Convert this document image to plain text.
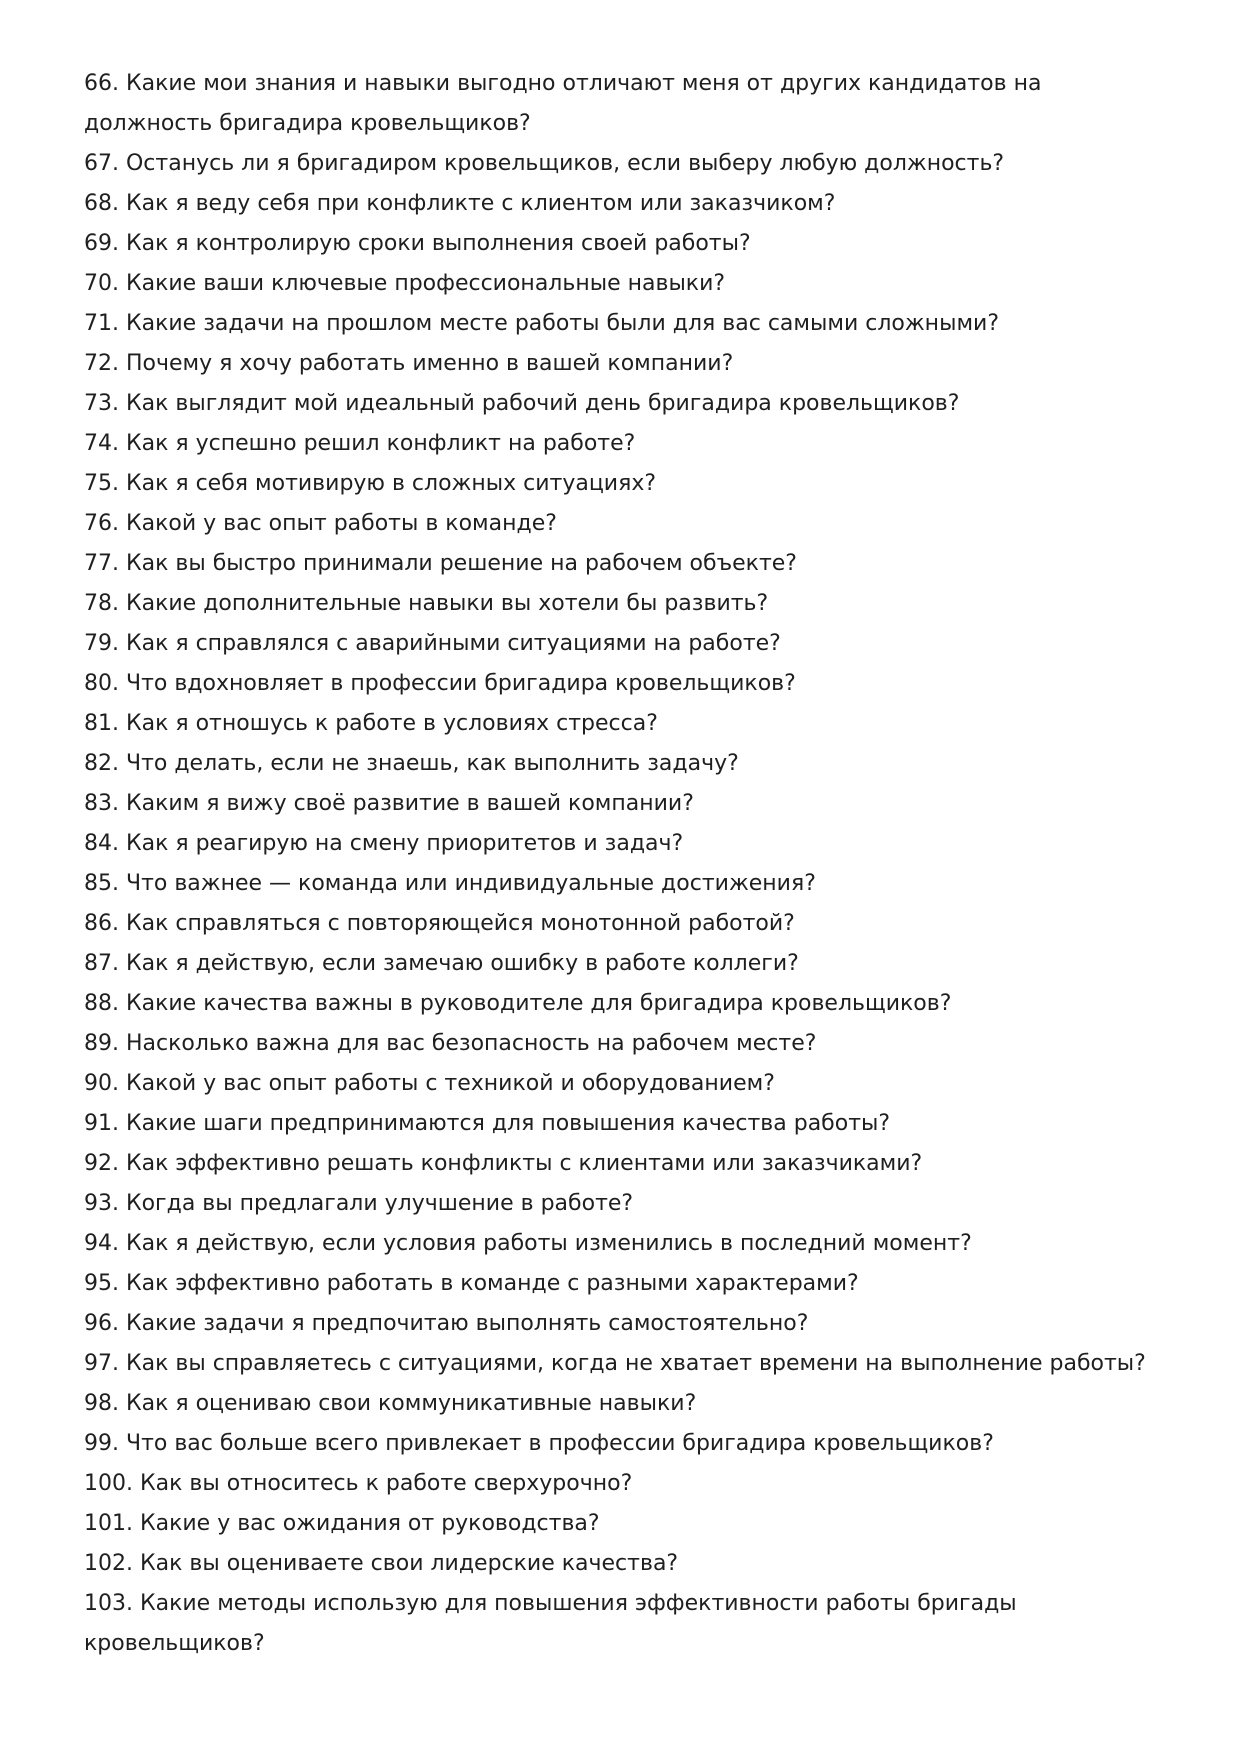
66. Какие мои знания и навыки выгодно отличают меня от других кандидатов на должность бригадира кровельщиков?

67. Останусь ли я бригадиром кровельщиков, если выберу любую должность?

68. Как я веду себя при конфликте с клиентом или заказчиком?

69. Как я контролирую сроки выполнения своей работы?

70. Какие ваши ключевые профессиональные навыки?

71. Какие задачи на прошлом месте работы были для вас самыми сложными?

72. Почему я хочу работать именно в вашей компании?

73. Как выглядит мой идеальный рабочий день бригадира кровельщиков?

74. Как я успешно решил конфликт на работе?

75. Как я себя мотивирую в сложных ситуациях?

76. Какой у вас опыт работы в команде?

77. Как вы быстро принимали решение на рабочем объекте?

78. Какие дополнительные навыки вы хотели бы развить?

79. Как я справлялся с аварийными ситуациями на работе?

80. Что вдохновляет в профессии бригадира кровельщиков?

81. Как я отношусь к работе в условиях стресса?

82. Что делать, если не знаешь, как выполнить задачу?

83. Каким я вижу своё развитие в вашей компании?

84. Как я реагирую на смену приоритетов и задач?

85. Что важнее — команда или индивидуальные достижения?

86. Как справляться с повторяющейся монотонной работой?

87. Как я действую, если замечаю ошибку в работе коллеги?

88. Какие качества важны в руководителе для бригадира кровельщиков?

89. Насколько важна для вас безопасность на рабочем месте?

90. Какой у вас опыт работы с техникой и оборудованием?

91. Какие шаги предпринимаются для повышения качества работы?

92. Как эффективно решать конфликты с клиентами или заказчиками?

93. Когда вы предлагали улучшение в работе?

94. Как я действую, если условия работы изменились в последний момент?

95. Как эффективно работать в команде с разными характерами?

96. Какие задачи я предпочитаю выполнять самостоятельно?

97. Как вы справляетесь с ситуациями, когда не хватает времени на выполнение работы?

98. Как я оцениваю свои коммуникативные навыки?

99. Что вас больше всего привлекает в профессии бригадира кровельщиков?

100. Как вы относитесь к работе сверхурочно?

101. Какие у вас ожидания от руководства?

102. Как вы оцениваете свои лидерские качества?

103. Какие методы использую для повышения эффективности работы бригады кровельщиков?
